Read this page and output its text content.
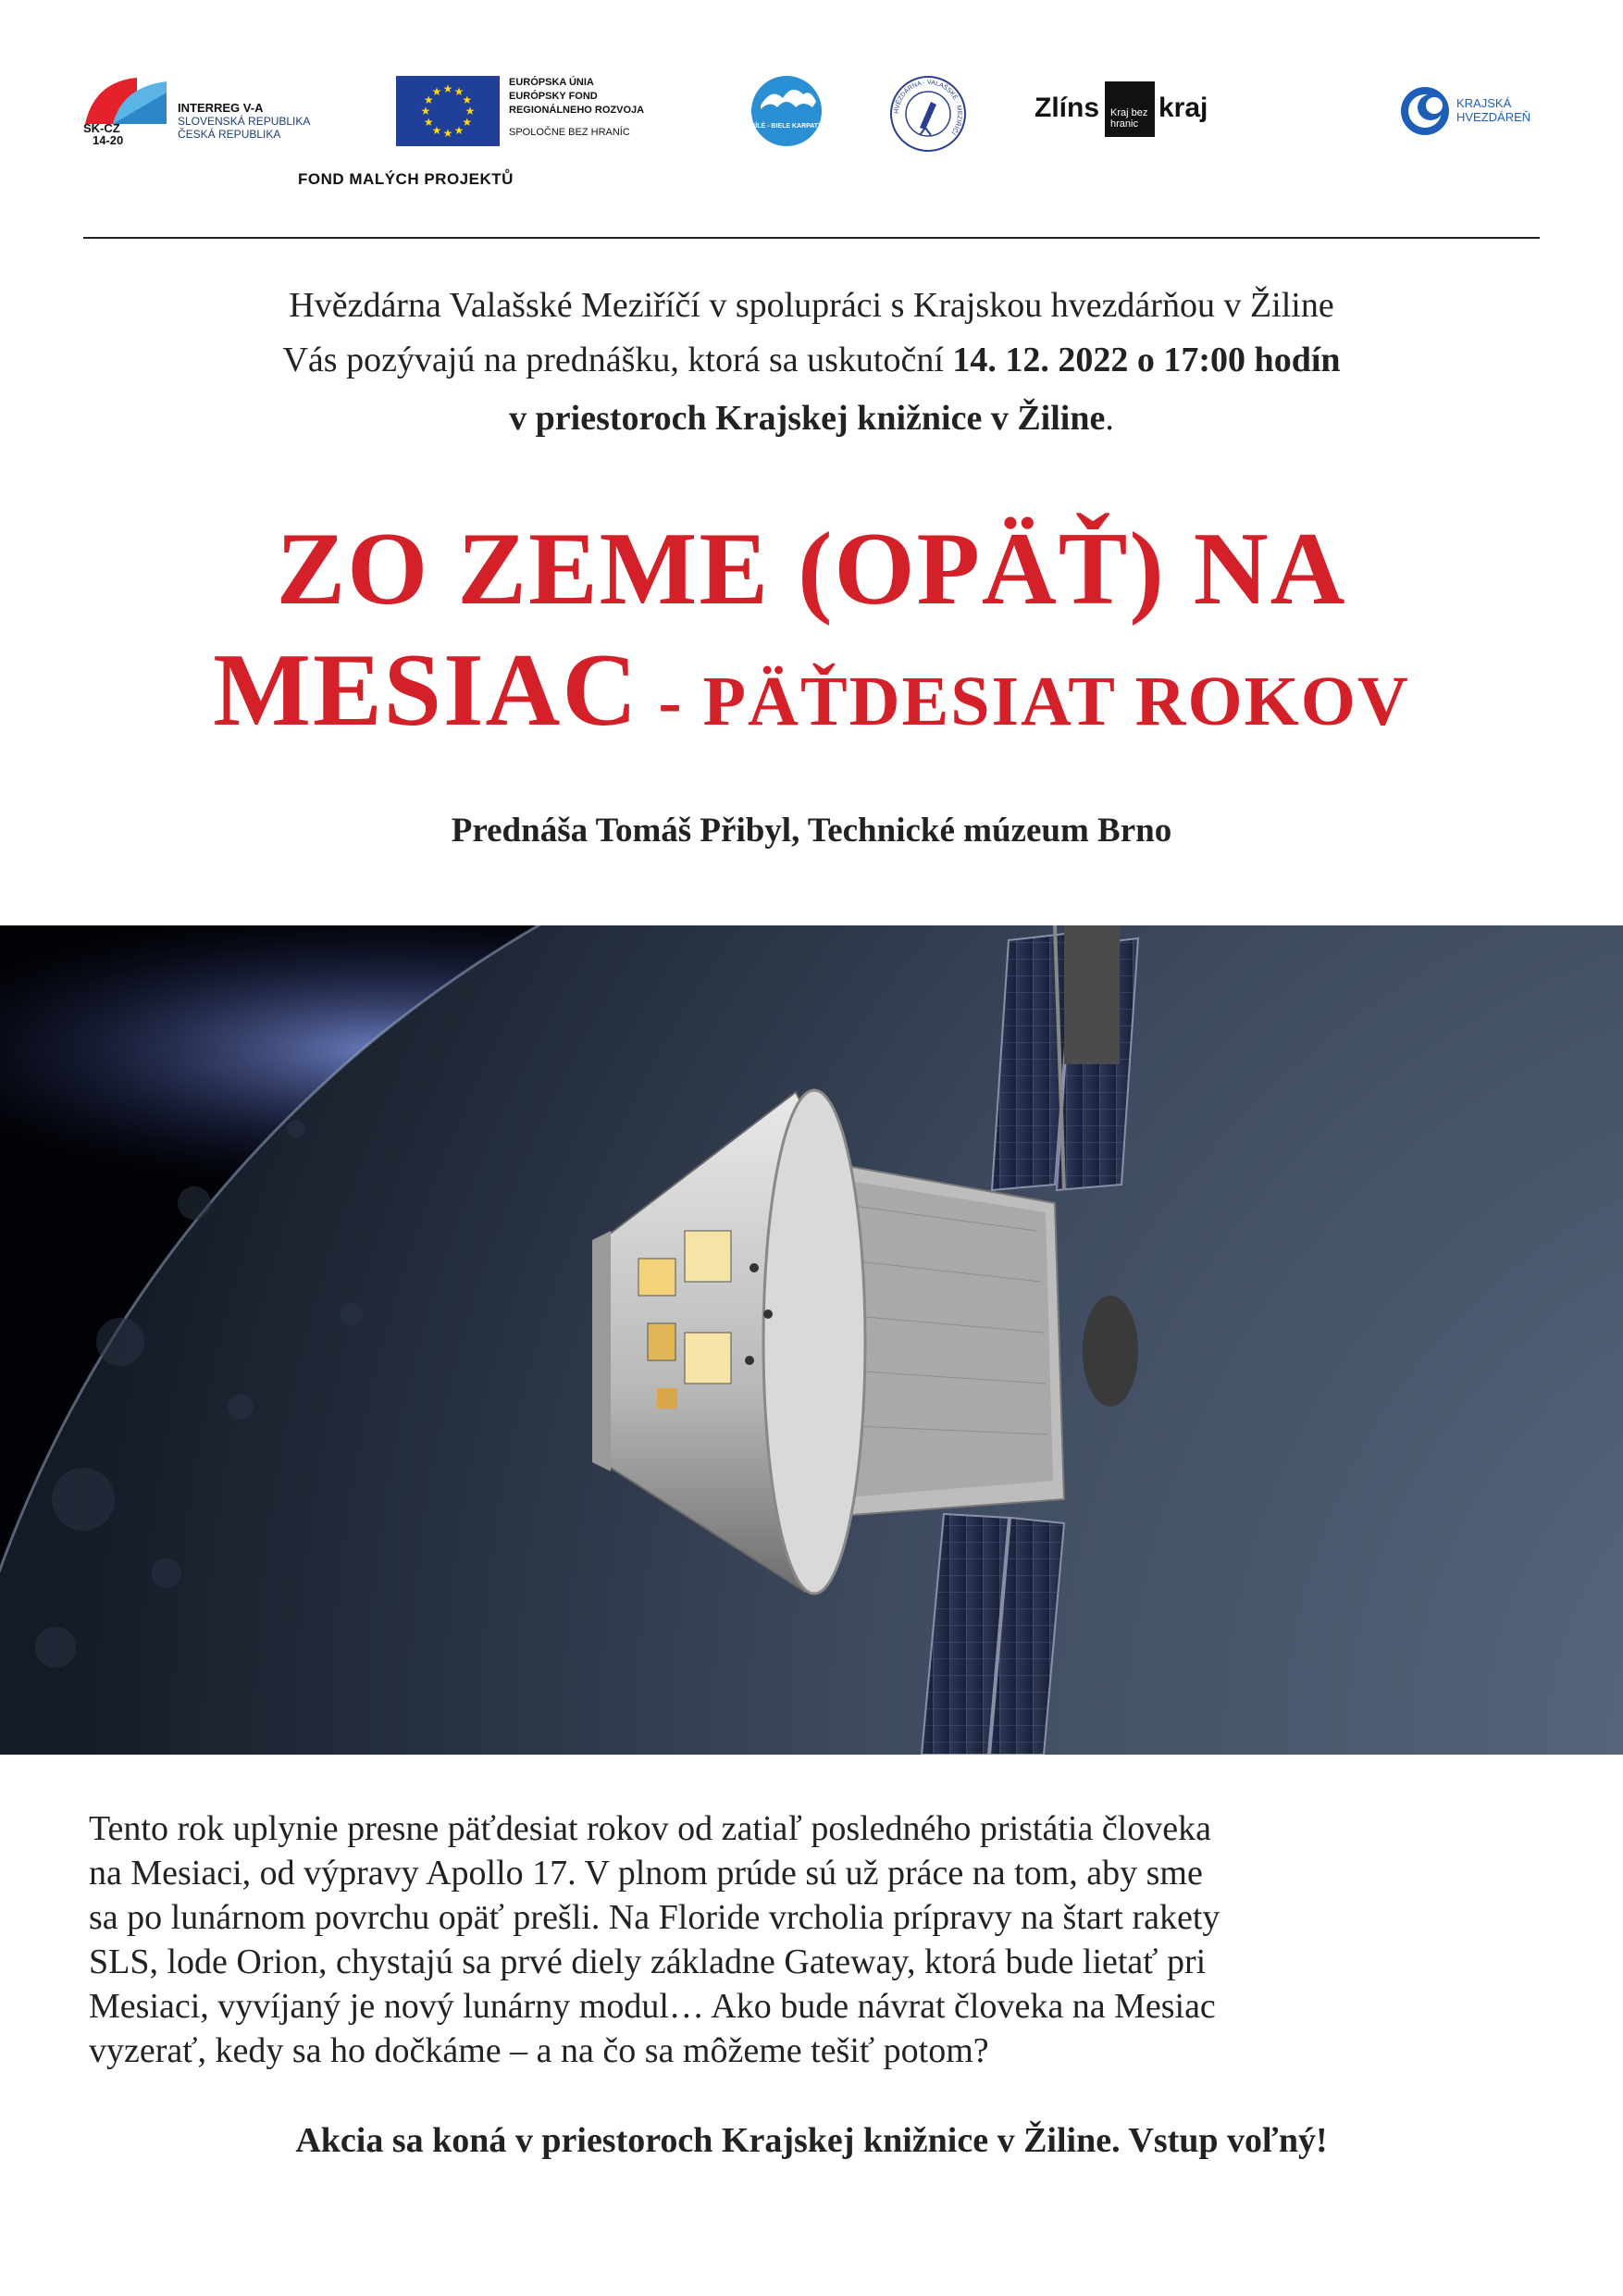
SK-CZ
14-20
INTERREG V-A
SLOVENSKÁ REPUBLIKA
ČESKÁ REPUBLIKA
★
★
★
★
★
★
★
★
★ ★ ★
★
EURÓPSKA ÚNIA
EURÓPSKY FOND
REGIONÁLNEHO ROZVOJA
SPOLOČNE BEZ HRANÍC
FOND MALÝCH PROJEKTŮ
BÍLÉ - BIELE KARPATY
HVĚZDÁRNA · VALAŠSKÉ · MEZIŘÍČÍ
Zlíns	Kraj bez hranic
kraj	KRAJSKÁ
HVEZDÁREŇ
Hvězdárna Valašské Meziříčí v spolupráci s Krajskou hvezdárňou v Žiline
Vás pozývajú na prednášku, ktorá sa uskutoční 14. 12. 2022 o 17:00 hodín
v priestoroch Krajskej knižnice v Žiline.
ZO ZEME (OPÄŤ) NA
MESIAC - PÄŤDESIAT ROKOV
Prednáša Tomáš Přibyl, Technické múzeum Brno
Tento rok uplynie presne päťdesiat rokov od zatiaľ posledného pristátia človeka
na Mesiaci, od výpravy Apollo 17. V plnom prúde sú už práce na tom, aby sme
sa po lunárnom povrchu opäť prešli. Na Floride vrcholia prípravy na štart rakety
SLS, lode Orion, chystajú sa prvé diely základne Gateway, ktorá bude lietať pri
Mesiaci, vyvíjaný je nový lunárny modul… Ako bude návrat človeka na Mesiac
vyzerať, kedy sa ho dočkáme – a na čo sa môžeme tešiť potom?
Akcia sa koná v priestoroch Krajskej knižnice v Žiline. Vstup voľný!
